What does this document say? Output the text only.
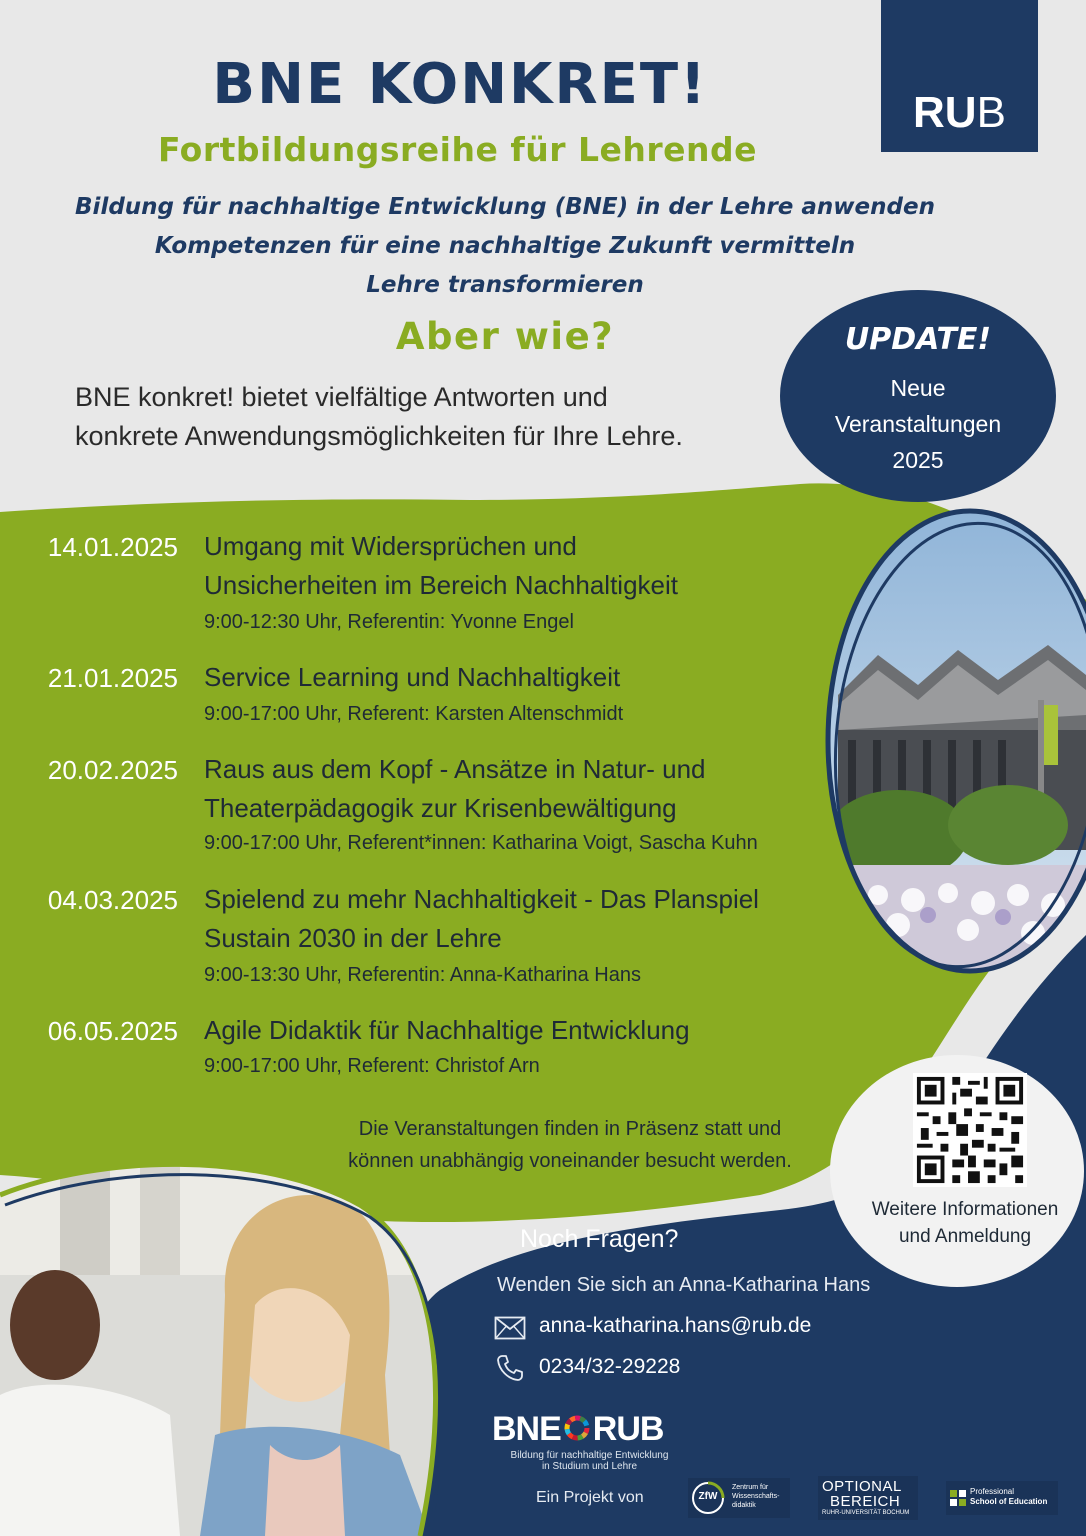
RUB
BNE KONKRET!
Fortbildungsreihe für Lehrende
Bildung für nachhaltige Entwicklung (BNE) in der Lehre anwenden
Kompetenzen für eine nachhaltige Zukunft vermitteln
Lehre transformieren
Aber wie?
BNE konkret! bietet vielfältige Antworten und
konkrete Anwendungsmöglichkeiten für Ihre Lehre.
UPDATE!
Neue
Veranstaltungen
2025
14.01.2025 Umgang mit Widersprüchen und
Unsicherheiten im Bereich Nachhaltigkeit
9:00-12:30 Uhr, Referentin: Yvonne Engel
21.01.2025 Service Learning und Nachhaltigkeit
9:00-17:00 Uhr, Referent: Karsten Altenschmidt
20.02.2025 Raus aus dem Kopf - Ansätze in Natur- und
Theaterpädagogik zur Krisenbewältigung
9:00-17:00 Uhr, Referent*innen: Katharina Voigt, Sascha Kuhn
04.03.2025 Spielend zu mehr Nachhaltigkeit - Das Planspiel
Sustain 2030 in der Lehre
9:00-13:30 Uhr, Referentin: Anna-Katharina Hans
06.05.2025 Agile Didaktik für Nachhaltige Entwicklung
9:00-17:00 Uhr, Referent: Christof Arn
Die Veranstaltungen finden in Präsenz statt und
können unabhängig voneinander besucht werden.
Weitere Informationen
und Anmeldung
Noch Fragen?
Wenden Sie sich an Anna-Katharina Hans
anna-katharina.hans@rub.de
0234/32-29228
BNE RUB
Bildung für nachhaltige Entwicklung
in Studium und Lehre
Ein Projekt von	ZfW
Zentrum für Wissenschafts-didaktik
OPTIONAL
BEREICH
RUHR-UNIVERSITÄT BOCHUM
Professional
School of Education
